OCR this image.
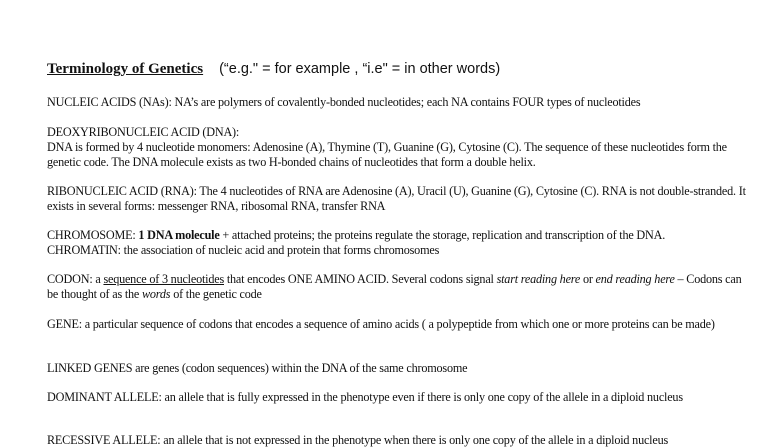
Terminology of Genetics (“e.g." = for example , “i.e" = in other words)
NUCLEIC ACIDS (NAs): NA’s are polymers of covalently-bonded nucleotides; each NA contains FOUR types of nucleotides
DEOXYRIBONUCLEIC ACID (DNA):
DNA is formed by 4 nucleotide monomers: Adenosine (A), Thymine (T), Guanine (G), Cytosine (C). The sequence of these nucleotides form the genetic code. The DNA molecule exists as two H-bonded chains of nucleotides that form a double helix.
RIBONUCLEIC ACID (RNA): The 4 nucleotides of RNA are Adenosine (A), Uracil (U), Guanine (G), Cytosine (C). RNA is not double-stranded. It exists in several forms: messenger RNA, ribosomal RNA, transfer RNA
CHROMOSOME: 1 DNA molecule + attached proteins; the proteins regulate the storage, replication and transcription of the DNA.
CHROMATIN: the association of nucleic acid and protein that forms chromosomes
CODON: a sequence of 3 nucleotides that encodes ONE AMINO ACID. Several codons signal start reading here or end reading here – Codons can be thought of as the words of the genetic code
GENE: a particular sequence of codons that encodes a sequence of amino acids ( a polypeptide from which one or more proteins can be made)
LINKED GENES are genes (codon sequences) within the DNA of the same chromosome
DOMINANT ALLELE: an allele that is fully expressed in the phenotype even if there is only one copy of the allele in a diploid nucleus
RECESSIVE ALLELE: an allele that is not expressed in the phenotype when there is only one copy of the allele in a diploid nucleus
